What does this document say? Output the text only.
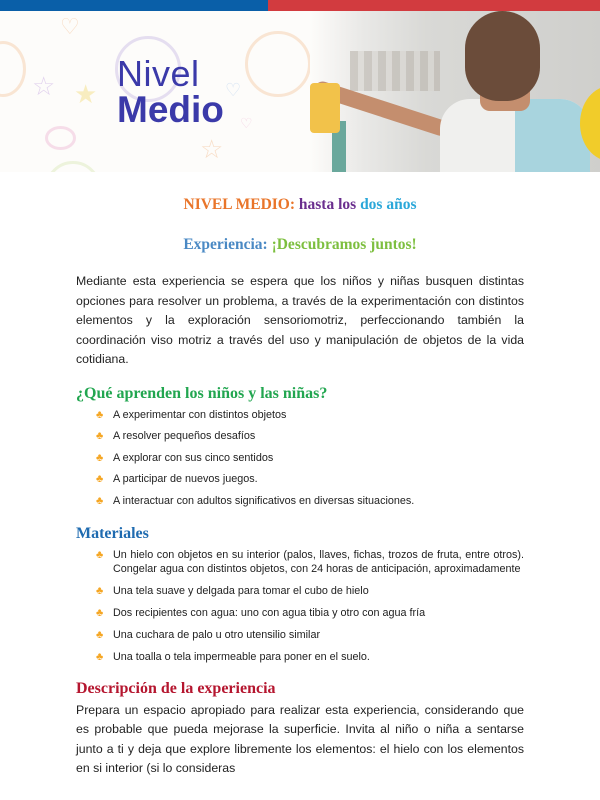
☆ ★
☆
♡
♡
♡
Nivel
Medio

NIVEL MEDIO: hasta los dos años

Experiencia: ¡Descubramos juntos!

Mediante esta experiencia se espera que los niños y niñas busquen distintas opciones para resolver un problema, a través de la experimentación con distintos elementos y la exploración sensoriomotriz, perfeccionando también la coordinación viso motriz a través del uso y manipulación de objetos de la vida cotidiana.

¿Qué aprenden los niños y las niñas?
♣ A experimentar con distintos objetos
♣ A resolver pequeños desafíos
♣ A explorar con sus cinco sentidos
♣ A participar de nuevos juegos.
♣ A interactuar con adultos significativos en diversas situaciones.
Materiales
♣ Un hielo con objetos en su interior (palos, llaves, fichas, trozos de fruta, entre otros). Congelar agua con distintos objetos, con 24 horas de anticipación, aproximadamente
♣ Una tela suave y delgada para tomar el cubo de hielo
♣ Dos recipientes con agua: uno con agua tibia y otro con agua fría
♣ Una cuchara de palo u otro utensilio similar
♣ Una toalla o tela impermeable para poner en el suelo.
Descripción de la experiencia

Prepara un espacio apropiado para realizar esta experiencia, considerando que es probable que pueda mejorase la superficie. Invita al niño o niña a sentarse junto a ti y deja que explore libremente los elementos: el hielo con los elementos en si interior (si lo consideras
